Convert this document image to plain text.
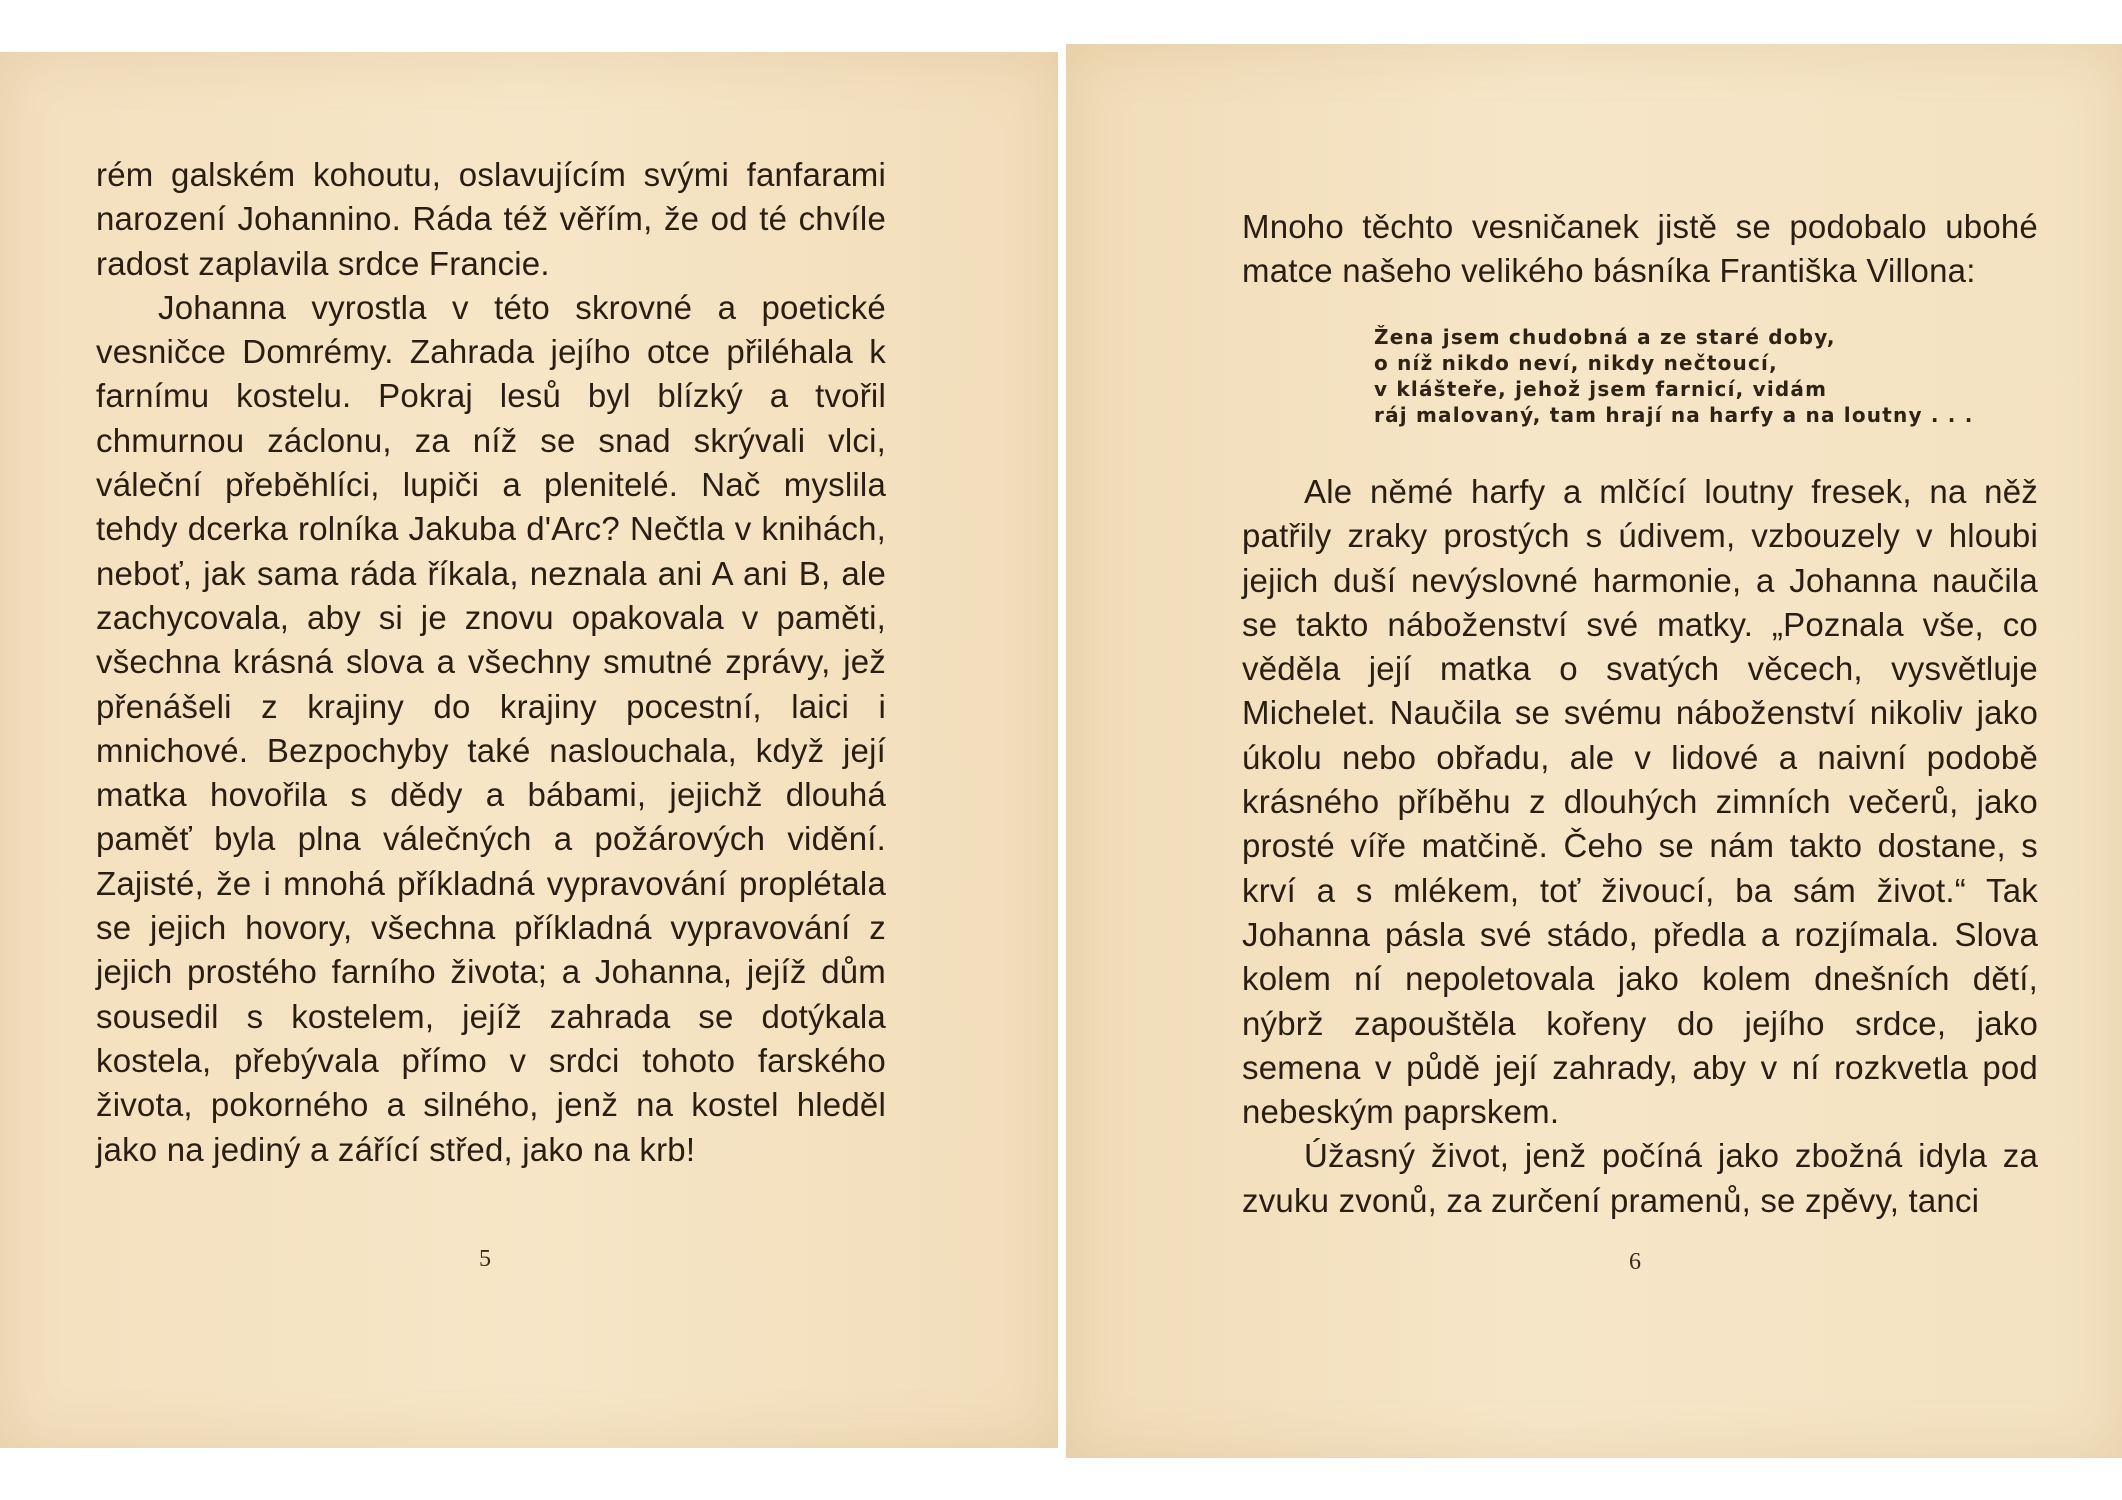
rém galském kohoutu, oslavujícím svými fanfarami narození Johannino. Ráda též věřím, že od té chvíle radost zaplavila srdce Francie.

Johanna vyrostla v této skrovné a poetické vesničce Domrémy. Zahrada jejího otce přiléhala k farnímu kostelu. Pokraj lesů byl blízký a tvořil chmurnou záclonu, za níž se snad skrývali vlci, váleční přeběhlíci, lupiči a plenitelé. Nač myslila tehdy dcerka rolníka Jakuba d'Arc? Nečtla v knihách, neboť, jak sama ráda říkala, neznala ani A ani B, ale zachycovala, aby si je znovu opakovala v paměti, všechna krásná slova a všechny smutné zprávy, jež přenášeli z krajiny do krajiny pocestní, laici i mnichové. Bezpochyby také naslouchala, když její matka hovořila s dědy a bábami, jejichž dlouhá paměť byla plna válečných a požárových vidění. Zajisté, že i mnohá příkladná vypravování proplétala se jejich hovory, všechna příkladná vypravování z jejich prostého farního života; a Johanna, jejíž dům sousedil s kostelem, jejíž zahrada se dotýkala kostela, přebývala přímo v srdci tohoto farského života, pokorného a silného, jenž na kostel hleděl jako na jediný a zářící střed, jako na krb!

Mnoho těchto vesničanek jistě se podobalo ubohé matce našeho velikého básníka Františka Villona:

Žena jsem chudobná a ze staré doby,
o níž nikdo neví, nikdy nečtoucí,
v klášteře, jehož jsem farnicí, vidám
ráj malovaný, tam hrají na harfy a na loutny . . .

Ale němé harfy a mlčící loutny fresek, na něž patřily zraky prostých s údivem, vzbouzely v hloubi jejich duší nevýslovné harmonie, a Johanna naučila se takto náboženství své matky. „Poznala vše, co věděla její matka o svatých věcech, vysvětluje Michelet. Naučila se svému náboženství nikoliv jako úkolu nebo obřadu, ale v lidové a naivní podobě krásného příběhu z dlouhých zimních večerů, jako prosté víře matčině. Čeho se nám takto dostane, s krví a s mlékem, toť živoucí, ba sám život.“ Tak Johanna pásla své stádo, předla a rozjímala. Slova kolem ní nepoletovala jako kolem dnešních dětí, nýbrž zapouštěla kořeny do jejího srdce, jako semena v půdě její zahrady, aby v ní rozkvetla pod nebeským paprskem.

Úžasný život, jenž počíná jako zbožná idyla za zvuku zvonů, za zurčení pramenů, se zpěvy, tanci

5	6
